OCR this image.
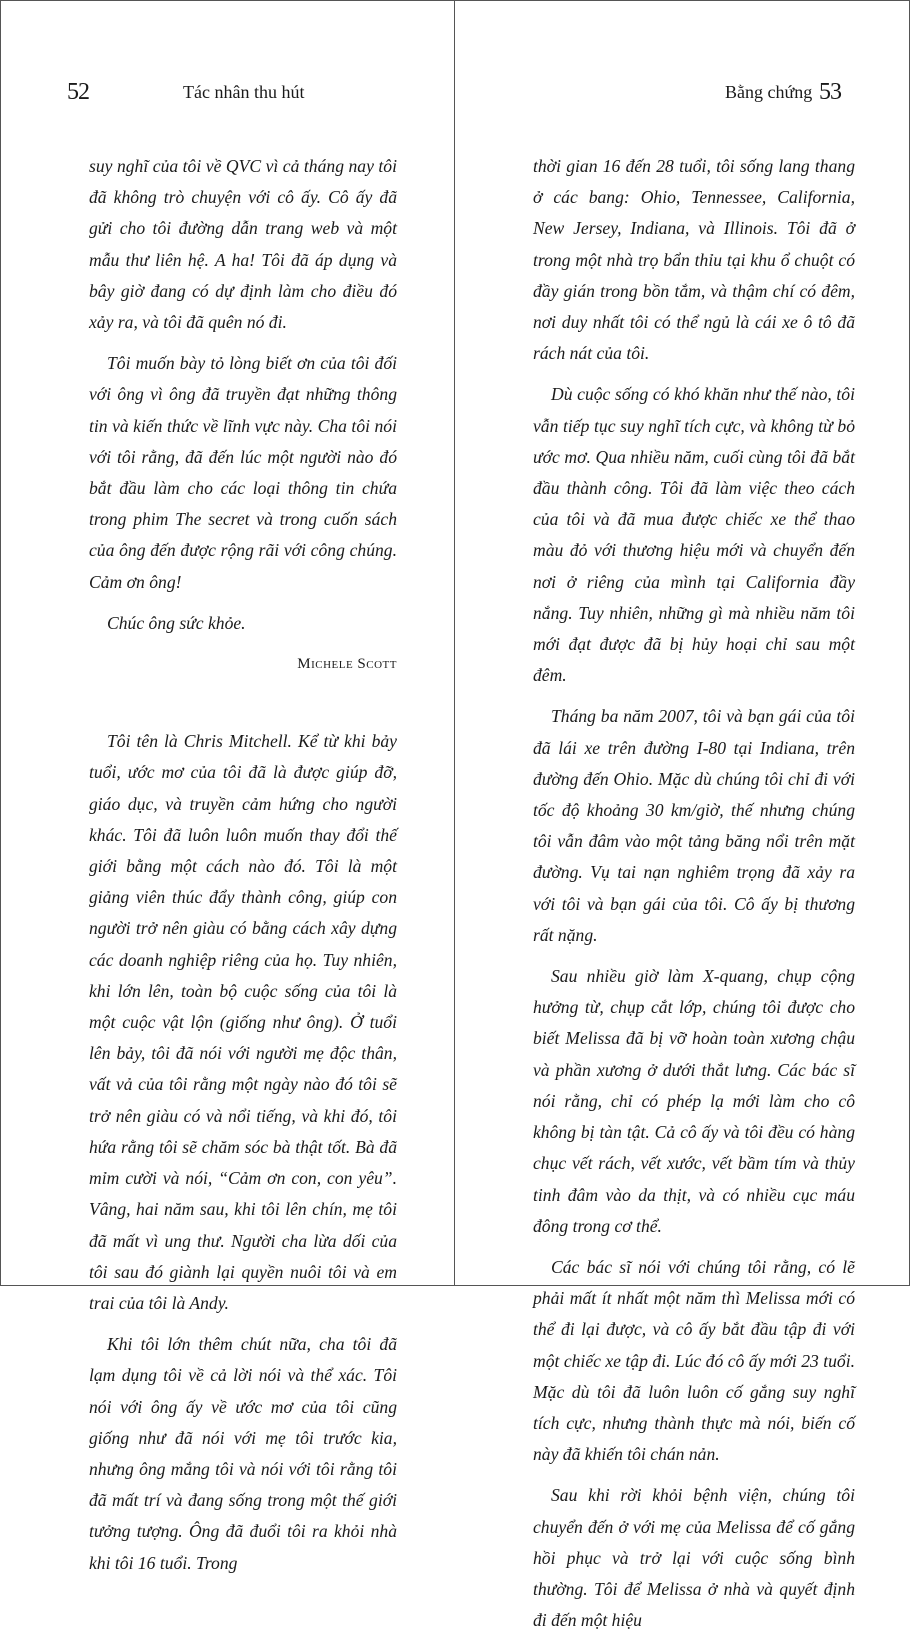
52	Tác nhân thu hút

suy nghĩ của tôi về QVC vì cả tháng nay tôi đã không trò chuyện với cô ấy. Cô ấy đã gửi cho tôi đường dẫn trang web và một mẫu thư liên hệ. A ha! Tôi đã áp dụng và bây giờ đang có dự định làm cho điều đó xảy ra, và tôi đã quên nó đi.

Tôi muốn bày tỏ lòng biết ơn của tôi đối với ông vì ông đã truyền đạt những thông tin và kiến thức về lĩnh vực này. Cha tôi nói với tôi rằng, đã đến lúc một người nào đó bắt đầu làm cho các loại thông tin chứa trong phim The secret và trong cuốn sách của ông đến được rộng rãi với công chúng. Cảm ơn ông!

Chúc ông sức khỏe.

Michele Scott

Tôi tên là Chris Mitchell. Kể từ khi bảy tuổi, ước mơ của tôi đã là được giúp đỡ, giáo dục, và truyền cảm hứng cho người khác. Tôi đã luôn luôn muốn thay đổi thế giới bằng một cách nào đó. Tôi là một giảng viên thúc đẩy thành công, giúp con người trở nên giàu có bằng cách xây dựng các doanh nghiệp riêng của họ. Tuy nhiên, khi lớn lên, toàn bộ cuộc sống của tôi là một cuộc vật lộn (giống như ông). Ở tuổi lên bảy, tôi đã nói với người mẹ độc thân, vất vả của tôi rằng một ngày nào đó tôi sẽ trở nên giàu có và nổi tiếng, và khi đó, tôi hứa rằng tôi sẽ chăm sóc bà thật tốt. Bà đã mỉm cười và nói, “Cảm ơn con, con yêu”. Vâng, hai năm sau, khi tôi lên chín, mẹ tôi đã mất vì ung thư. Người cha lừa dối của tôi sau đó giành lại quyền nuôi tôi và em trai của tôi là Andy.

Khi tôi lớn thêm chút nữa, cha tôi đã lạm dụng tôi về cả lời nói và thể xác. Tôi nói với ông ấy về ước mơ của tôi cũng giống như đã nói với mẹ tôi trước kia, nhưng ông mắng tôi và nói với tôi rằng tôi đã mất trí và đang sống trong một thế giới tưởng tượng. Ông đã đuổi tôi ra khỏi nhà khi tôi 16 tuổi. Trong

Bằng chứng 53

thời gian 16 đến 28 tuổi, tôi sống lang thang ở các bang: Ohio, Tennessee, California, New Jersey, Indiana, và Illinois. Tôi đã ở trong một nhà trọ bẩn thỉu tại khu ổ chuột có đầy gián trong bồn tắm, và thậm chí có đêm, nơi duy nhất tôi có thể ngủ là cái xe ô tô đã rách nát của tôi.

Dù cuộc sống có khó khăn như thế nào, tôi vẫn tiếp tục suy nghĩ tích cực, và không từ bỏ ước mơ. Qua nhiều năm, cuối cùng tôi đã bắt đầu thành công. Tôi đã làm việc theo cách của tôi và đã mua được chiếc xe thể thao màu đỏ với thương hiệu mới và chuyển đến nơi ở riêng của mình tại California đầy nắng. Tuy nhiên, những gì mà nhiều năm tôi mới đạt được đã bị hủy hoại chỉ sau một đêm.

Tháng ba năm 2007, tôi và bạn gái của tôi đã lái xe trên đường I-80 tại Indiana, trên đường đến Ohio. Mặc dù chúng tôi chỉ đi với tốc độ khoảng 30 km/giờ, thế nhưng chúng tôi vẫn đâm vào một tảng băng nổi trên mặt đường. Vụ tai nạn nghiêm trọng đã xảy ra với tôi và bạn gái của tôi. Cô ấy bị thương rất nặng.

Sau nhiều giờ làm X-quang, chụp cộng hưởng từ, chụp cắt lớp, chúng tôi được cho biết Melissa đã bị vỡ hoàn toàn xương chậu và phần xương ở dưới thắt lưng. Các bác sĩ nói rằng, chỉ có phép lạ mới làm cho cô không bị tàn tật. Cả cô ấy và tôi đều có hàng chục vết rách, vết xước, vết bầm tím và thủy tinh đâm vào da thịt, và có nhiều cục máu đông trong cơ thể.

Các bác sĩ nói với chúng tôi rằng, có lẽ phải mất ít nhất một năm thì Melissa mới có thể đi lại được, và cô ấy bắt đầu tập đi với một chiếc xe tập đi. Lúc đó cô ấy mới 23 tuổi. Mặc dù tôi đã luôn luôn cố gắng suy nghĩ tích cực, nhưng thành thực mà nói, biến cố này đã khiến tôi chán nản.

Sau khi rời khỏi bệnh viện, chúng tôi chuyển đến ở với mẹ của Melissa để cố gắng hồi phục và trở lại với cuộc sống bình thường. Tôi để Melissa ở nhà và quyết định đi đến một hiệu
